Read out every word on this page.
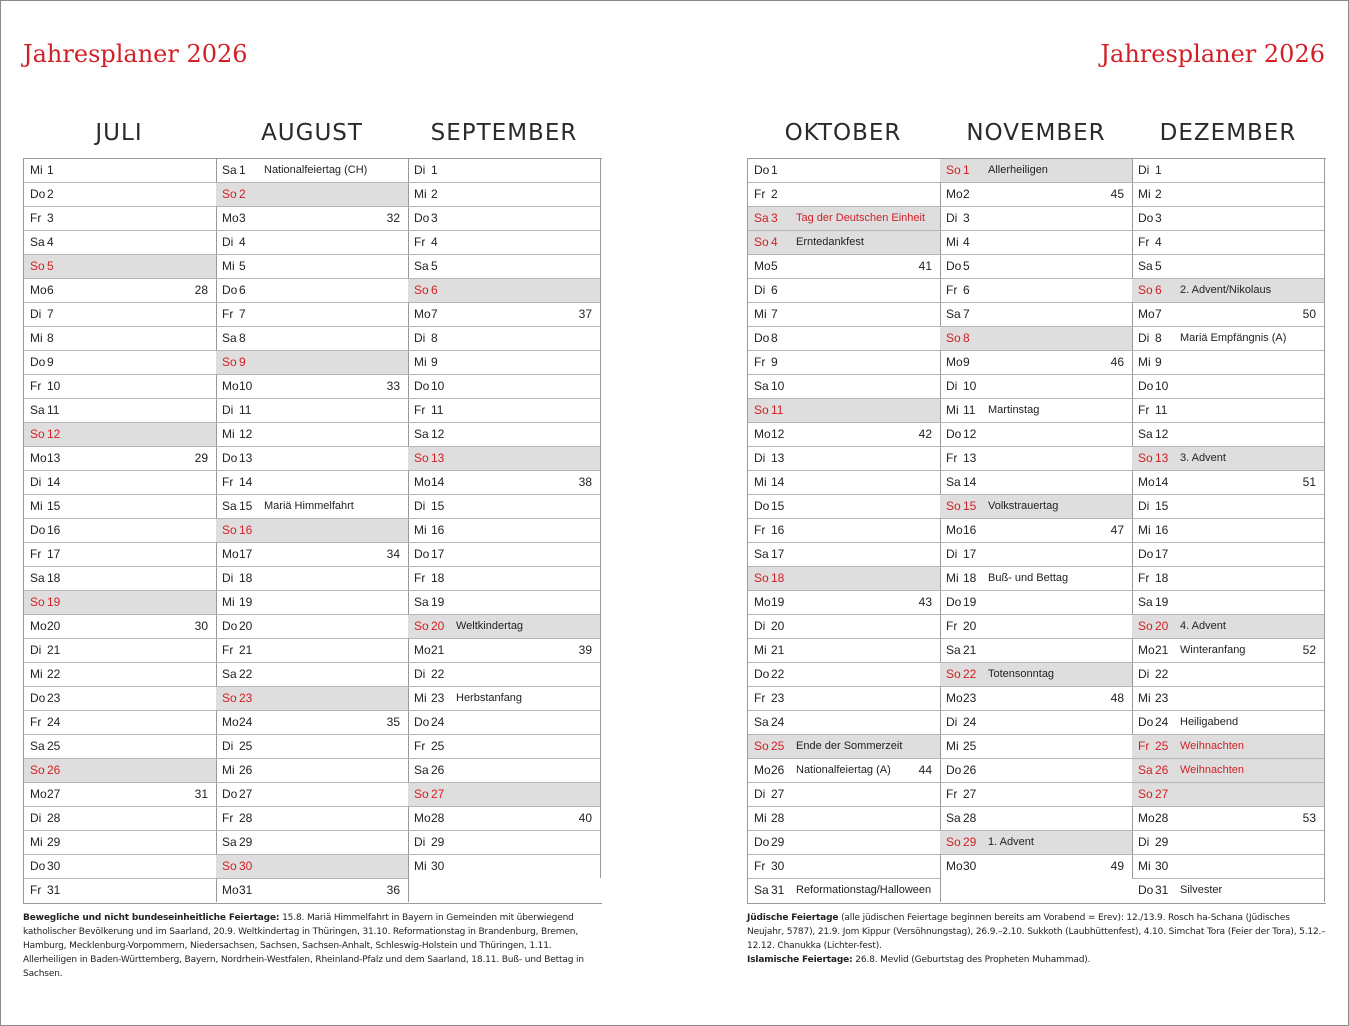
Jahresplaner 2026	Jahresplaner 2026
JULI	AUGUST	SEPTEMBER	OKTOBER	NOVEMBER	DEZEMBER
Mi 1
Do 2
Fr 3
Sa 4
So 5
Mo 6	28
Di 7
Mi 8
Do 9
Fr 10
Sa 11
So 12
Mo 13	29
Di 14
Mi 15
Do 16
Fr 17
Sa 18
So 19
Mo 20	30
Di 21
Mi 22
Do 23
Fr 24
Sa 25
So 26
Mo 27	31
Di 28
Mi 29
Do 30
Fr 31
Sa 1 Nationalfeiertag (CH)
So 2
Mo 3	32
Di 4
Mi 5
Do 6
Fr 7
Sa 8
So 9
Mo 10	33
Di 11
Mi 12
Do 13
Fr 14
Sa 15 Mariä Himmelfahrt
So 16
Mo 17	34
Di 18
Mi 19
Do 20
Fr 21
Sa 22
So 23
Mo 24	35
Di 25
Mi 26
Do 27
Fr 28
Sa 29
So 30
Mo 31	36
Di 1
Mi 2
Do 3
Fr 4
Sa 5
So 6
Mo 7	37
Di 8
Mi 9
Do 10
Fr 11
Sa 12
So 13
Mo 14	38
Di 15
Mi 16
Do 17
Fr 18
Sa 19
So 20 Weltkindertag
Mo 21	39
Di 22
Mi 23 Herbstanfang
Do 24
Fr 25
Sa 26
So 27
Mo 28	40
Di 29
Mi 30
Do 1
Fr 2
Sa 3 Tag der Deutschen Einheit
So 4 Erntedankfest
Mo 5	41
Di 6
Mi 7
Do 8
Fr 9
Sa 10
So 11
Mo 12	42
Di 13
Mi 14
Do 15
Fr 16
Sa 17
So 18
Mo 19	43
Di 20
Mi 21
Do 22
Fr 23
Sa 24
So 25 Ende der Sommerzeit
Mo 26 Nationalfeiertag (A) 44
Di 27
Mi 28
Do 29
Fr 30
Sa 31 Reformationstag/Halloween
So 1 Allerheiligen
Mo 2	45
Di 3
Mi 4
Do 5
Fr 6
Sa 7
So 8
Mo 9	46
Di 10
Mi 11 Martinstag
Do 12
Fr 13
Sa 14
So 15 Volkstrauertag
Mo 16	47
Di 17
Mi 18 Buß- und Bettag
Do 19
Fr 20
Sa 21
So 22 Totensonntag
Mo 23	48
Di 24
Mi 25
Do 26
Fr 27
Sa 28
So 29 1. Advent
Mo 30	49
Di 1
Mi 2
Do 3
Fr 4
Sa 5
So 6 2. Advent/Nikolaus
Mo 7	50
Di 8 Mariä Empfängnis (A)
Mi 9
Do 10
Fr 11
Sa 12
So 13 3. Advent
Mo 14	51
Di 15
Mi 16
Do 17
Fr 18
Sa 19
So 20 4. Advent
Mo 21 Winteranfang	52
Di 22
Mi 23
Do 24 Heiligabend
Fr 25 Weihnachten
Sa 26 Weihnachten
So 27
Mo 28	53
Di 29
Mi 30
Do 31 Silvester
Bewegliche und nicht bundeseinheitliche Feiertage: 15.8. Mariä Himmelfahrt in Bayern in Gemeinden mit überwiegend katholischer Bevölkerung und im Saarland, 20.9. Weltkindertag in Thüringen, 31.10. Reformationstag in Brandenburg, Bremen, Hamburg, Mecklenburg-Vorpommern, Niedersachsen, Sachsen, Sachsen-Anhalt, Schleswig-Holstein und Thüringen, 1.11. Allerheiligen in Baden-Württemberg, Bayern, Nordrhein-Westfalen, Rheinland-Pfalz und dem Saarland, 18.11. Buß- und Bettag in Sachsen.
Jüdische Feiertage (alle jüdischen Feiertage beginnen bereits am Vorabend = Erev): 12./13.9. Rosch ha-Schana (Jüdisches Neujahr, 5787), 21.9. Jom Kippur (Versöhnungstag), 26.9.–2.10. Sukkoth (Laubhüttenfest), 4.10. Simchat Tora (Feier der Tora), 5.12.–12.12. Chanukka (Lichter-fest).
Islamische Feiertage: 26.8. Mevlid (Geburtstag des Propheten Muhammad).
